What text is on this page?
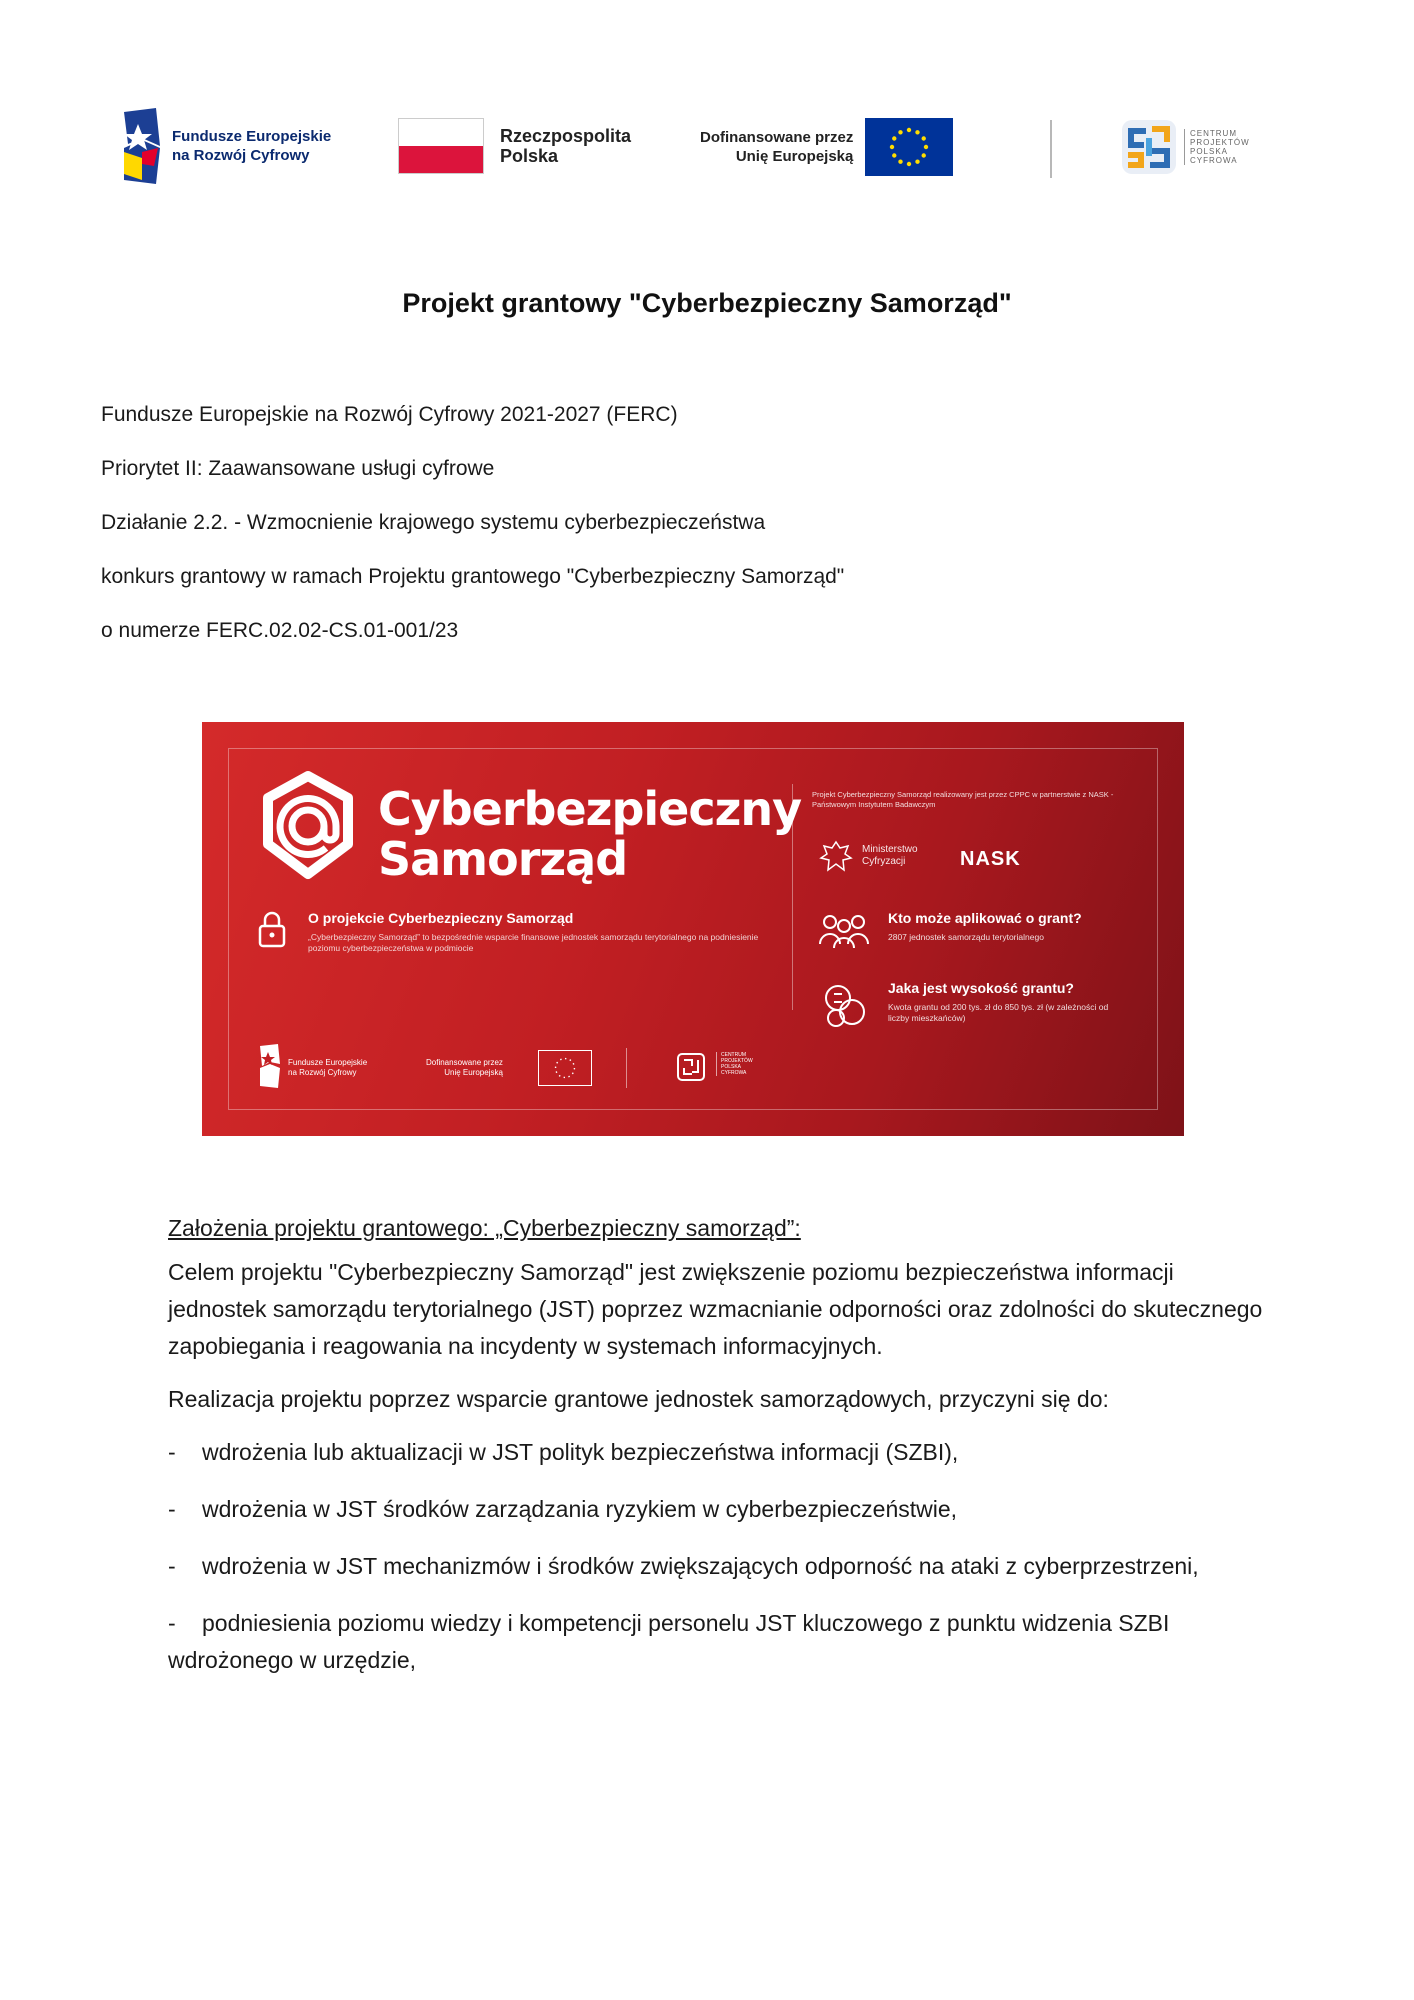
Fundusze Europejskie
na Rozwój Cyfrowy
Rzeczpospolita
Polska
Dofinansowane przez
Unię Europejską
CENTRUM
PROJEKTÓW
POLSKA
CYFROWA
Projekt grantowy "Cyberbezpieczny Samorząd"
Fundusze Europejskie na Rozwój Cyfrowy 2021-2027 (FERC)
Priorytet II: Zaawansowane usługi cyfrowe
Działanie 2.2. - Wzmocnienie krajowego systemu cyberbezpieczeństwa
konkurs grantowy w ramach Projektu grantowego "Cyberbezpieczny Samorząd"
o numerze FERC.02.02-CS.01-001/23
Cyberbezpieczny
Samorząd
O projekcie Cyberbezpieczny Samorząd
„Cyberbezpieczny Samorząd” to bezpośrednie wsparcie finansowe jednostek samorządu terytorialnego na podniesienie poziomu cyberbezpieczeństwa w podmiocie
Projekt Cyberbezpieczny Samorząd realizowany jest przez CPPC w partnerstwie z NASK - Państwowym Instytutem Badawczym
Ministerstwo
Cyfryzacji	NASK
Kto może aplikować o grant?
2807 jednostek samorządu terytorialnego
Jaka jest wysokość grantu?
Kwota grantu od 200 tys. zł do 850 tys. zł (w zależności od liczby mieszkańców)
Fundusze Europejskie
na Rozwój Cyfrowy
Dofinansowane przez
Unię Europejską
CENTRUM
PROJEKTÓW
POLSKA
CYFROWA
Założenia projektu grantowego: „Cyberbezpieczny samorząd”:

Celem projektu "Cyberbezpieczny Samorząd" jest zwiększenie poziomu bezpieczeństwa informacji jednostek samorządu terytorialnego (JST) poprzez wzmacnianie odporności oraz zdolności do skutecznego zapobiegania i reagowania na incydenty w systemach informacyjnych.

Realizacja projektu poprzez wsparcie grantowe jednostek samorządowych, przyczyni się do:

- wdrożenia lub aktualizacji w JST polityk bezpieczeństwa informacji (SZBI),

- wdrożenia w JST środków zarządzania ryzykiem w cyberbezpieczeństwie,

- wdrożenia w JST mechanizmów i środków zwiększających odporność na ataki z cyberprzestrzeni,

- podniesienia poziomu wiedzy i kompetencji personelu JST kluczowego z punktu widzenia SZBI wdrożonego w urzędzie,
